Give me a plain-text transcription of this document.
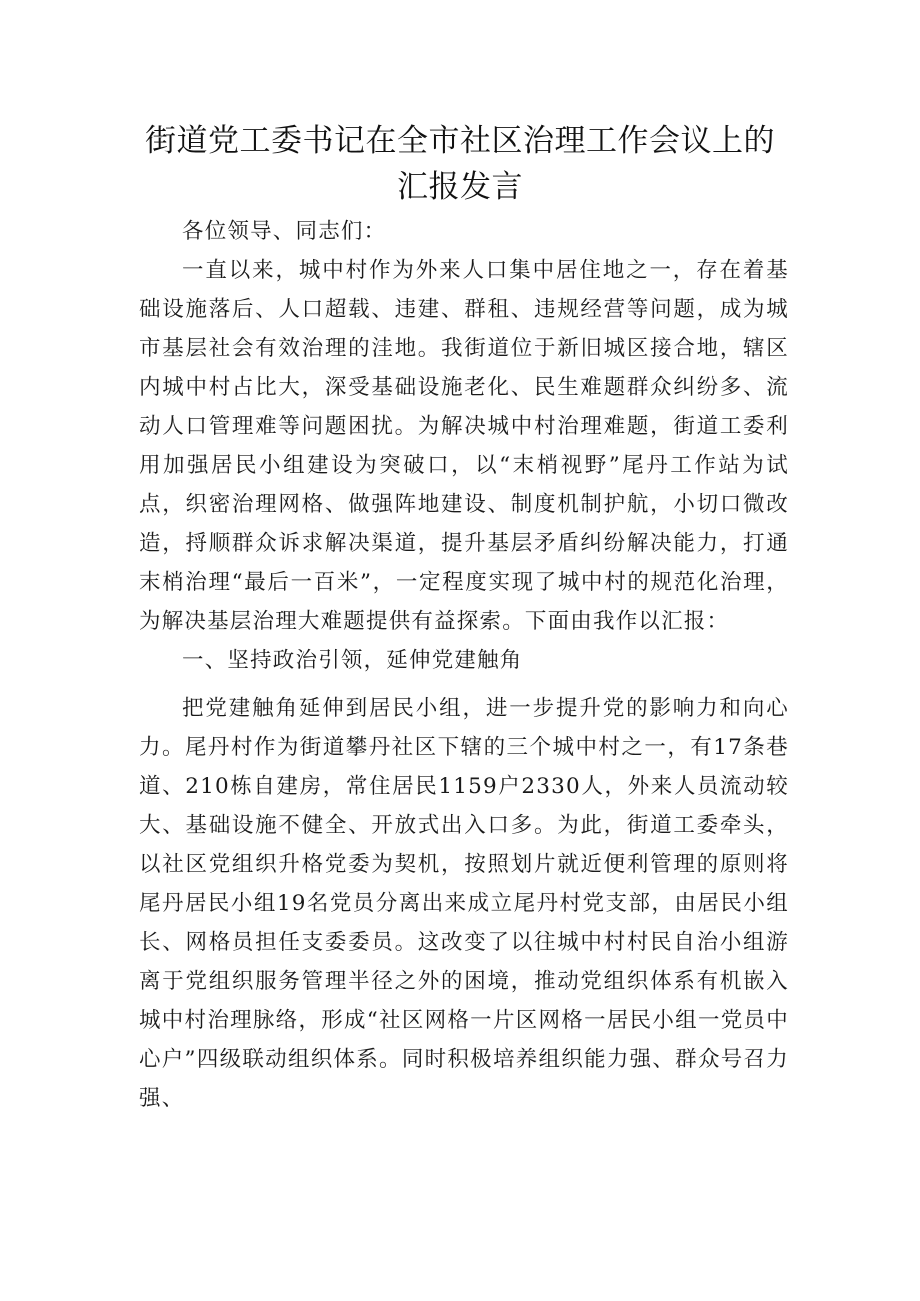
街道党工委书记在全市社区治理工作会议上的汇报发言

各位领导、同志们：

一直以来，城中村作为外来人口集中居住地之一，存在着基础设施落后、人口超载、违建、群租、违规经营等问题，成为城市基层社会有效治理的洼地。我街道位于新旧城区接合地，辖区内城中村占比大，深受基础设施老化、民生难题群众纠纷多、流动人口管理难等问题困扰。为解决城中村治理难题，街道工委利用加强居民小组建设为突破口，以“末梢视野”尾丹工作站为试点，织密治理网格、做强阵地建设、制度机制护航，小切口微改造，捋顺群众诉求解决渠道，提升基层矛盾纠纷解决能力，打通末梢治理“最后一百米”，一定程度实现了城中村的规范化治理，为解决基层治理大难题提供有益探索。下面由我作以汇报：

一、坚持政治引领，延伸党建触角

把党建触角延伸到居民小组，进一步提升党的影响力和向心力。尾丹村作为街道攀丹社区下辖的三个城中村之一，有17条巷道、210栋自建房，常住居民1159户2330人，外来人员流动较大、基础设施不健全、开放式出入口多。为此，街道工委牵头，以社区党组织升格党委为契机，按照划片就近便利管理的原则将尾丹居民小组19名党员分离出来成立尾丹村党支部，由居民小组长、网格员担任支委委员。这改变了以往城中村村民自治小组游离于党组织服务管理半径之外的困境，推动党组织体系有机嵌入城中村治理脉络，形成“社区网格一片区网格一居民小组一党员中心户”四级联动组织体系。同时积极培养组织能力强、群众号召力强、
